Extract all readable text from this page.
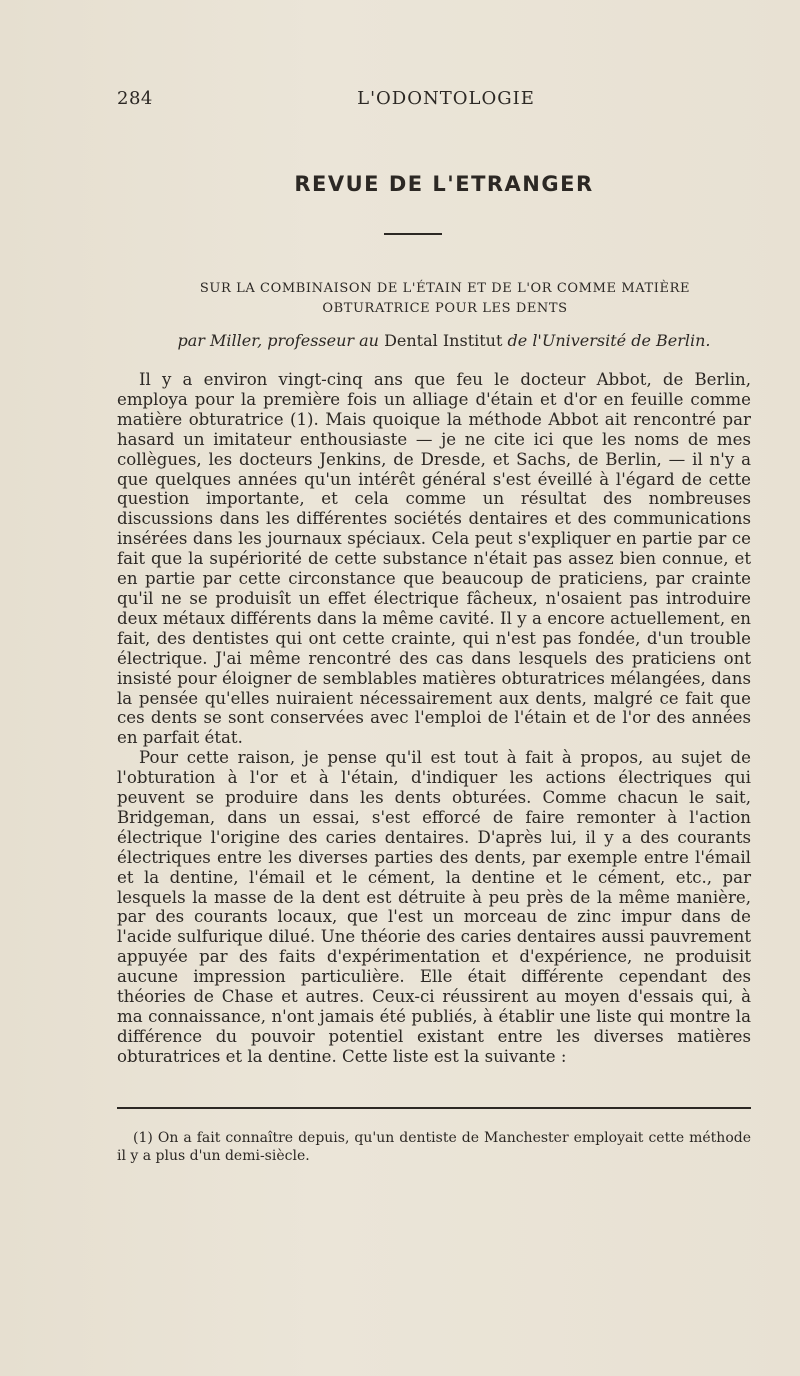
284	L'ODONTOLOGIE
REVUE DE L'ETRANGER
SUR LA COMBINAISON DE L'ÉTAIN ET DE L'OR COMME MATIÈRE
OBTURATRICE POUR LES DENTS
par Miller, professeur au Dental Institut de l'Université de Berlin.

Il y a environ vingt-cinq ans que feu le docteur Abbot, de Berlin, employa pour la première fois un alliage d'étain et d'or en feuille comme matière obturatrice (1). Mais quoique la méthode Abbot ait rencontré par hasard un imitateur enthousiaste — je ne cite ici que les noms de mes collègues, les docteurs Jenkins, de Dresde, et Sachs, de Berlin, — il n'y a que quelques années qu'un intérêt général s'est éveillé à l'égard de cette question importante, et cela comme un résultat des nombreuses discussions dans les différentes sociétés dentaires et des communications insérées dans les journaux spéciaux. Cela peut s'expliquer en partie par ce fait que la supériorité de cette substance n'était pas assez bien connue, et en partie par cette circonstance que beaucoup de praticiens, par crainte qu'il ne se produisît un effet électrique fâcheux, n'osaient pas introduire deux métaux différents dans la même cavité. Il y a encore actuellement, en fait, des dentistes qui ont cette crainte, qui n'est pas fondée, d'un trouble électrique. J'ai même rencontré des cas dans lesquels des praticiens ont insisté pour éloigner de semblables matières obturatrices mélangées, dans la pensée qu'elles nuiraient nécessairement aux dents, malgré ce fait que ces dents se sont conservées avec l'emploi de l'étain et de l'or des années en parfait état.

Pour cette raison, je pense qu'il est tout à fait à propos, au sujet de l'obturation à l'or et à l'étain, d'indiquer les actions électriques qui peuvent se produire dans les dents obturées. Comme chacun le sait, Bridgeman, dans un essai, s'est efforcé de faire remonter à l'action électrique l'origine des caries dentaires. D'après lui, il y a des courants électriques entre les diverses parties des dents, par exemple entre l'émail et la dentine, l'émail et le cément, la dentine et le cément, etc., par lesquels la masse de la dent est détruite à peu près de la même manière, par des courants locaux, que l'est un morceau de zinc impur dans de l'acide sulfurique dilué. Une théorie des caries dentaires aussi pauvrement appuyée par des faits d'expérimentation et d'expérience, ne produisit aucune impression particulière. Elle était différente cependant des théories de Chase et autres. Ceux-ci réussirent au moyen d'essais qui, à ma connaissance, n'ont jamais été publiés, à établir une liste qui montre la différence du pouvoir potentiel existant entre les diverses matières obturatrices et la dentine. Cette liste est la suivante :

(1) On a fait connaître depuis, qu'un dentiste de Manchester employait cette méthode il y a plus d'un demi-siècle.
